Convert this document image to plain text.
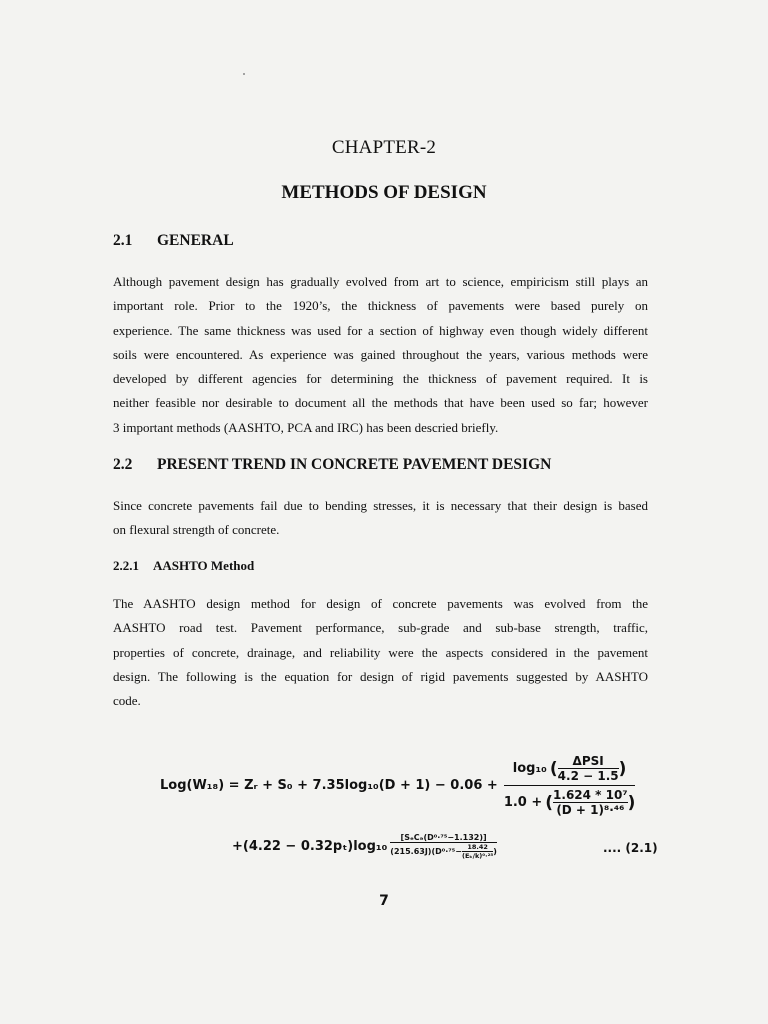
CHAPTER-2
METHODS OF DESIGN
2.1 GENERAL
Although pavement design has gradually evolved from art to science, empiricism still plays an
important role. Prior to the 1920’s, the thickness of pavements were based purely on
experience. The same thickness was used for a section of highway even though widely different
soils were encountered. As experience was gained throughout the years, various methods were
developed by different agencies for determining the thickness of pavement required. It is
neither feasible nor desirable to document all the methods that have been used so far; however
3 important methods (AASHTO, PCA and IRC) has been descried briefly.
2.2 PRESENT TREND IN CONCRETE PAVEMENT DESIGN
Since concrete pavements fail due to bending stresses, it is necessary that their design is based
on flexural strength of concrete.
2.2.1 AASHTO Method
The AASHTO design method for design of concrete pavements was evolved from the
AASHTO road test. Pavement performance, sub-grade and sub-base strength, traffic,
properties of concrete, drainage, and reliability were the aspects considered in the pavement
design. The following is the equation for design of rigid pavements suggested by AASHTO
code.
Log(W₁₈) = Zᵣ + S₀ + 7.35log₁₀(D + 1) − 0.06 +
log₁₀ ( $\frac{\text{ΔPSI}}{4.2 - 1.5}$ )
1.0 + ( $\frac{\text{1.624 * 10⁷}}{\text{(D + 1)⁸·⁴⁶}}$ )
+(4.22 − 0.32pₜ)log₁₀
[SₑCₔ(D⁰·⁷⁵−1.132)]
$(215.63J)(D^0\cdot^{75}- \frac{18.42}{\text{(Eₖ/k)⁰·²⁵}}$ )	.... (2.1)
7
